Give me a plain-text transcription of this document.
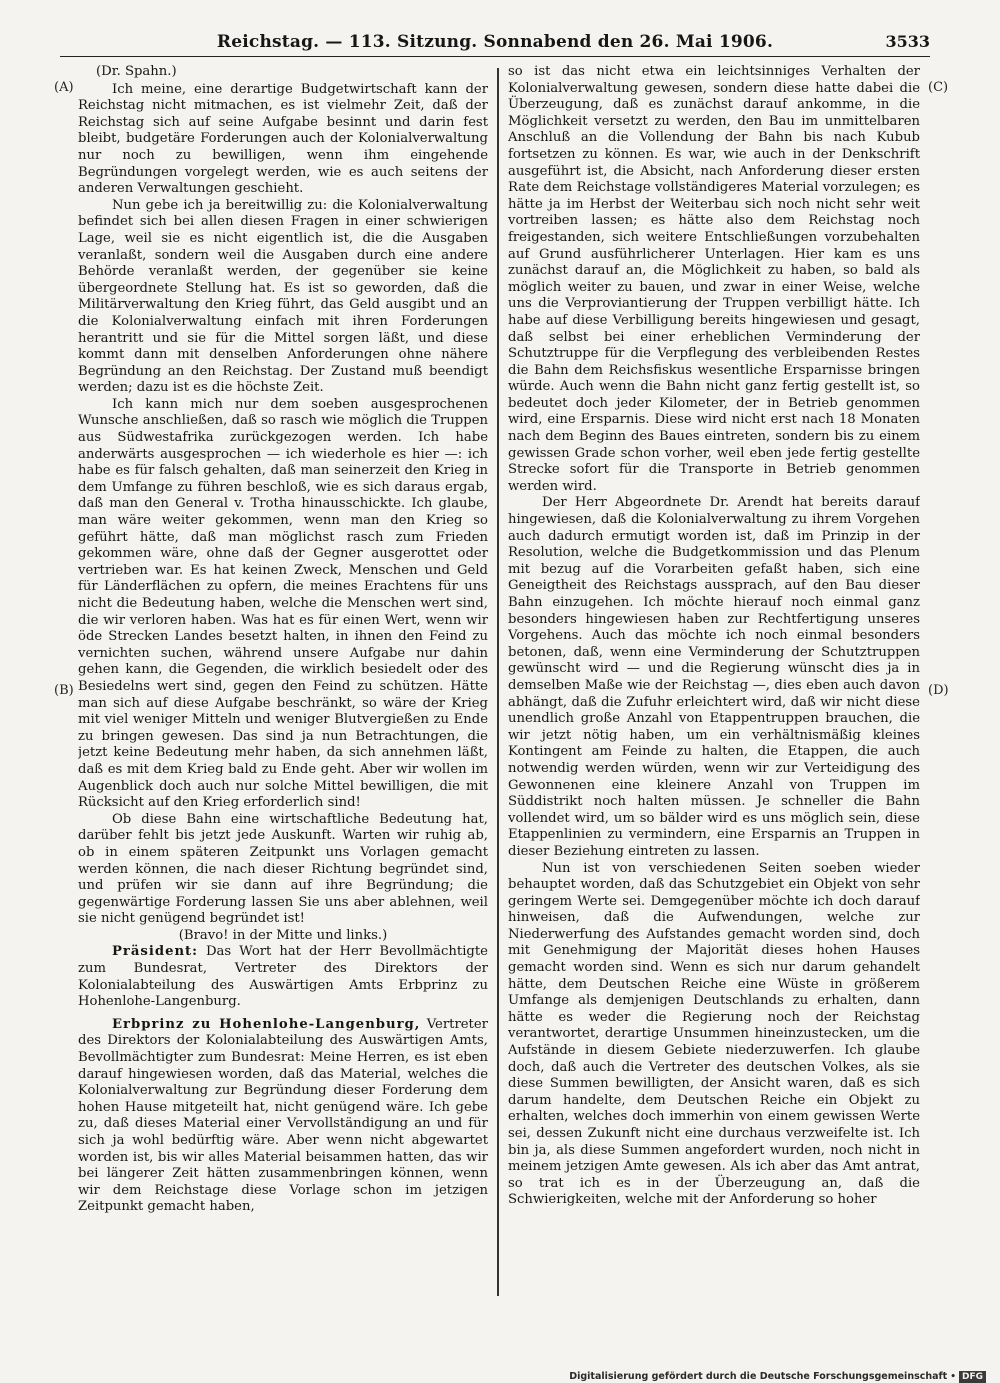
Reichstag. — 113. Sitzung. Sonnabend den 26. Mai 1906.	3533
(A)
(B)
(C)
(D)
(Dr. Spahn.)

Ich meine, eine derartige Budgetwirtschaft kann der Reichstag nicht mitmachen, es ist vielmehr Zeit, daß der Reichstag sich auf seine Aufgabe besinnt und darin fest bleibt, budgetäre Forderungen auch der Kolonialverwaltung nur noch zu bewilligen, wenn ihm eingehende Begründungen vorgelegt werden, wie es auch seitens der anderen Verwaltungen geschieht.

Nun gebe ich ja bereitwillig zu: die Kolonialverwaltung befindet sich bei allen diesen Fragen in einer schwierigen Lage, weil sie es nicht eigentlich ist, die die Ausgaben veranlaßt, sondern weil die Ausgaben durch eine andere Behörde veranlaßt werden, der gegenüber sie keine übergeordnete Stellung hat. Es ist so geworden, daß die Militärverwaltung den Krieg führt, das Geld ausgibt und an die Kolonialverwaltung einfach mit ihren Forderungen herantritt und sie für die Mittel sorgen läßt, und diese kommt dann mit denselben Anforderungen ohne nähere Begründung an den Reichstag. Der Zustand muß beendigt werden; dazu ist es die höchste Zeit.

Ich kann mich nur dem soeben ausgesprochenen Wunsche anschließen, daß so rasch wie möglich die Truppen aus Südwestafrika zurückgezogen werden. Ich habe anderwärts ausgesprochen — ich wiederhole es hier —: ich habe es für falsch gehalten, daß man seinerzeit den Krieg in dem Umfange zu führen beschloß, wie es sich daraus ergab, daß man den General v. Trotha hinausschickte. Ich glaube, man wäre weiter gekommen, wenn man den Krieg so geführt hätte, daß man möglichst rasch zum Frieden gekommen wäre, ohne daß der Gegner ausgerottet oder vertrieben war. Es hat keinen Zweck, Menschen und Geld für Länderflächen zu opfern, die meines Erachtens für uns nicht die Bedeutung haben, welche die Menschen wert sind, die wir verloren haben. Was hat es für einen Wert, wenn wir öde Strecken Landes besetzt halten, in ihnen den Feind zu vernichten suchen, während unsere Aufgabe nur dahin gehen kann, die Gegenden, die wirklich besiedelt oder des Besiedelns wert sind, gegen den Feind zu schützen. Hätte man sich auf diese Aufgabe beschränkt, so wäre der Krieg mit viel weniger Mitteln und weniger Blutvergießen zu Ende zu bringen gewesen. Das sind ja nun Betrachtungen, die jetzt keine Bedeutung mehr haben, da sich annehmen läßt, daß es mit dem Krieg bald zu Ende geht. Aber wir wollen im Augenblick doch auch nur solche Mittel bewilligen, die mit Rücksicht auf den Krieg erforderlich sind!

Ob diese Bahn eine wirtschaftliche Bedeutung hat, darüber fehlt bis jetzt jede Auskunft. Warten wir ruhig ab, ob in einem späteren Zeitpunkt uns Vorlagen gemacht werden können, die nach dieser Richtung begründet sind, und prüfen wir sie dann auf ihre Begründung; die gegenwärtige Forderung lassen Sie uns aber ablehnen, weil sie nicht genügend begründet ist!

(Bravo! in der Mitte und links.)

Präsident: Das Wort hat der Herr Bevollmächtigte zum Bundesrat, Vertreter des Direktors der Kolonialabteilung des Auswärtigen Amts Erbprinz zu Hohenlohe-Langenburg.

Erbprinz zu Hohenlohe-Langenburg, Vertreter des Direktors der Kolonialabteilung des Auswärtigen Amts, Bevollmächtigter zum Bundesrat: Meine Herren, es ist eben darauf hingewiesen worden, daß das Material, welches die Kolonialverwaltung zur Begründung dieser Forderung dem hohen Hause mitgeteilt hat, nicht genügend wäre. Ich gebe zu, daß dieses Material einer Vervollständigung an und für sich ja wohl bedürftig wäre. Aber wenn nicht abgewartet worden ist, bis wir alles Material beisammen hatten, das wir bei längerer Zeit hätten zusammenbringen können, wenn wir dem Reichstage diese Vorlage schon im jetzigen Zeitpunkt gemacht haben,

so ist das nicht etwa ein leichtsinniges Verhalten der Kolonialverwaltung gewesen, sondern diese hatte dabei die Überzeugung, daß es zunächst darauf ankomme, in die Möglichkeit versetzt zu werden, den Bau im unmittelbaren Anschluß an die Vollendung der Bahn bis nach Kubub fortsetzen zu können. Es war, wie auch in der Denkschrift ausgeführt ist, die Absicht, nach Anforderung dieser ersten Rate dem Reichstage vollständigeres Material vorzulegen; es hätte ja im Herbst der Weiterbau sich noch nicht sehr weit vortreiben lassen; es hätte also dem Reichstag noch freigestanden, sich weitere Entschließungen vorzubehalten auf Grund ausführlicherer Unterlagen. Hier kam es uns zunächst darauf an, die Möglichkeit zu haben, so bald als möglich weiter zu bauen, und zwar in einer Weise, welche uns die Verproviantierung der Truppen verbilligt hätte. Ich habe auf diese Verbilligung bereits hingewiesen und gesagt, daß selbst bei einer erheblichen Verminderung der Schutztruppe für die Verpflegung des verbleibenden Restes die Bahn dem Reichsfiskus wesentliche Ersparnisse bringen würde. Auch wenn die Bahn nicht ganz fertig gestellt ist, so bedeutet doch jeder Kilometer, der in Betrieb genommen wird, eine Ersparnis. Diese wird nicht erst nach 18 Monaten nach dem Beginn des Baues eintreten, sondern bis zu einem gewissen Grade schon vorher, weil eben jede fertig gestellte Strecke sofort für die Transporte in Betrieb genommen werden wird.

Der Herr Abgeordnete Dr. Arendt hat bereits darauf hingewiesen, daß die Kolonialverwaltung zu ihrem Vorgehen auch dadurch ermutigt worden ist, daß im Prinzip in der Resolution, welche die Budgetkommission und das Plenum mit bezug auf die Vorarbeiten gefaßt haben, sich eine Geneigtheit des Reichstags aussprach, auf den Bau dieser Bahn einzugehen. Ich möchte hierauf noch einmal ganz besonders hingewiesen haben zur Rechtfertigung unseres Vorgehens. Auch das möchte ich noch einmal besonders betonen, daß, wenn eine Verminderung der Schutztruppen gewünscht wird — und die Regierung wünscht dies ja in demselben Maße wie der Reichstag —, dies eben auch davon abhängt, daß die Zufuhr erleichtert wird, daß wir nicht diese unendlich große Anzahl von Etappentruppen brauchen, die wir jetzt nötig haben, um ein verhältnismäßig kleines Kontingent am Feinde zu halten, die Etappen, die auch notwendig werden würden, wenn wir zur Verteidigung des Gewonnenen eine kleinere Anzahl von Truppen im Süddistrikt noch halten müssen. Je schneller die Bahn vollendet wird, um so bälder wird es uns möglich sein, diese Etappenlinien zu vermindern, eine Ersparnis an Truppen in dieser Beziehung eintreten zu lassen.

Nun ist von verschiedenen Seiten soeben wieder behauptet worden, daß das Schutzgebiet ein Objekt von sehr geringem Werte sei. Demgegenüber möchte ich doch darauf hinweisen, daß die Aufwendungen, welche zur Niederwerfung des Aufstandes gemacht worden sind, doch mit Genehmigung der Majorität dieses hohen Hauses gemacht worden sind. Wenn es sich nur darum gehandelt hätte, dem Deutschen Reiche eine Wüste in größerem Umfange als demjenigen Deutschlands zu erhalten, dann hätte es weder die Regierung noch der Reichstag verantwortet, derartige Unsummen hineinzustecken, um die Aufstände in diesem Gebiete niederzuwerfen. Ich glaube doch, daß auch die Vertreter des deutschen Volkes, als sie diese Summen bewilligten, der Ansicht waren, daß es sich darum handelte, dem Deutschen Reiche ein Objekt zu erhalten, welches doch immerhin von einem gewissen Werte sei, dessen Zukunft nicht eine durchaus verzweifelte ist. Ich bin ja, als diese Summen angefordert wurden, noch nicht in meinem jetzigen Amte gewesen. Als ich aber das Amt antrat, so trat ich es in der Überzeugung an, daß die Schwierigkeiten, welche mit der Anforderung so hoher

Digitalisierung gefördert durch die Deutsche Forschungsgemeinschaft • DFG
